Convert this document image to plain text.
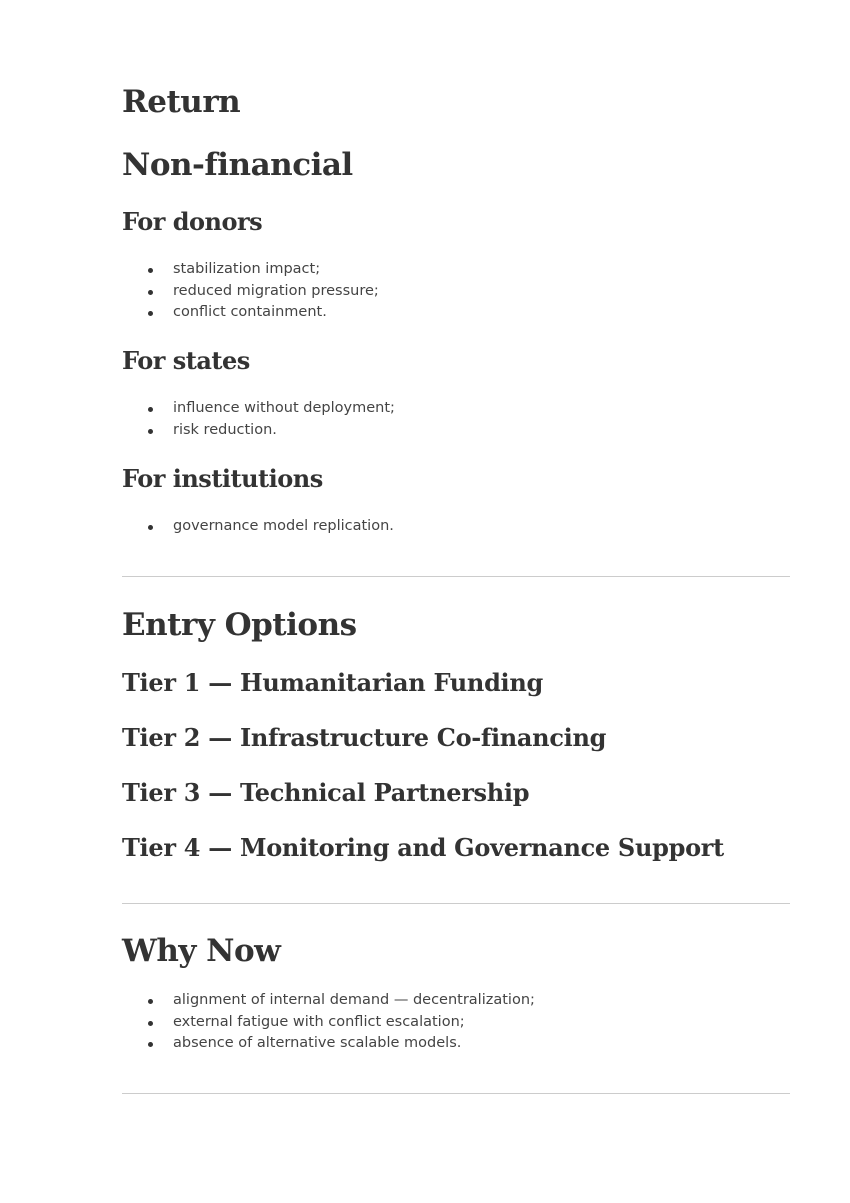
Return
Non-financial
For donors
stabilization impact;
reduced migration pressure;
conflict containment.
For states
influence without deployment;
risk reduction.
For institutions
governance model replication.
Entry Options
Tier 1 — Humanitarian Funding
Tier 2 — Infrastructure Co-financing
Tier 3 — Technical Partnership
Tier 4 — Monitoring and Governance Support
Why Now
alignment of internal demand — decentralization;
external fatigue with conflict escalation;
absence of alternative scalable models.
